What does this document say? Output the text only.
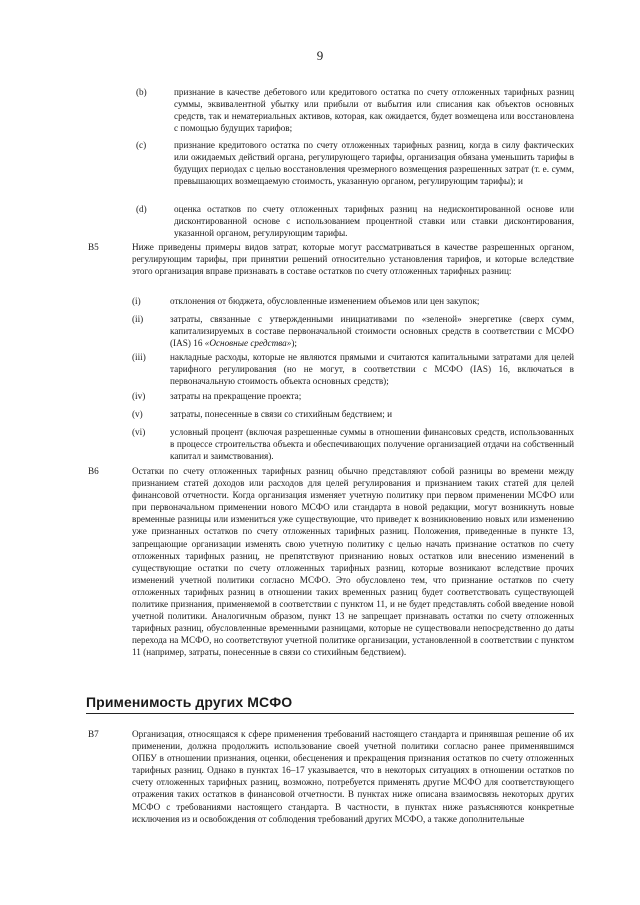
9
(b)	признание в качестве дебетового или кредитового остатка по счету отложенных тарифных разниц суммы, эквивалентной убытку или прибыли от выбытия или списания как объектов основных средств, так и нематериальных активов, которая, как ожидается, будет возмещена или восстановлена с помощью будущих тарифов;
(c)	признание кредитового остатка по счету отложенных тарифных разниц, когда в силу фактических или ожидаемых действий органа, регулирующего тарифы, организация обязана уменьшить тарифы в будущих периодах с целью восстановления чрезмерного возмещения разрешенных затрат (т. е. сумм, превышающих возмещаемую стоимость, указанную органом, регулирующим тарифы); и
(d)	оценка остатков по счету отложенных тарифных разниц на недисконтированной основе или дисконтированной основе с использованием процентной ставки или ставки дисконтирования, указанной органом, регулирующим тарифы.
B5	Ниже приведены примеры видов затрат, которые могут рассматриваться в качестве разрешенных органом, регулирующим тарифы, при принятии решений относительно установления тарифов, и которые вследствие этого организация вправе признавать в составе остатков по счету отложенных тарифных разниц:
(i)	отклонения от бюджета, обусловленные изменением объемов или цен закупок;
(ii)	затраты, связанные с утвержденными инициативами по «зеленой» энергетике (сверх сумм, капитализируемых в составе первоначальной стоимости основных средств в соответствии с МСФО (IAS) 16 «Основные средства»);
(iii)	накладные расходы, которые не являются прямыми и считаются капитальными затратами для целей тарифного регулирования (но не могут, в соответствии с МСФО (IAS) 16, включаться в первоначальную стоимость объекта основных средств);
(iv)	затраты на прекращение проекта;
(v)	затраты, понесенные в связи со стихийным бедствием; и
(vi)	условный процент (включая разрешенные суммы в отношении финансовых средств, использованных в процессе строительства объекта и обеспечивающих получение организацией отдачи на собственный капитал и заимствования).
B6	Остатки по счету отложенных тарифных разниц обычно представляют собой разницы во времени между признанием статей доходов или расходов для целей регулирования и признанием таких статей для целей финансовой отчетности. Когда организация изменяет учетную политику при первом применении МСФО или при первоначальном применении нового МСФО или стандарта в новой редакции, могут возникнуть новые временные разницы или измениться уже существующие, что приведет к возникновению новых или изменению уже признанных остатков по счету отложенных тарифных разниц. Положения, приведенные в пункте 13, запрещающие организации изменять свою учетную политику с целью начать признание остатков по счету отложенных тарифных разниц, не препятствуют признанию новых остатков или внесению изменений в существующие остатки по счету отложенных тарифных разниц, которые возникают вследствие прочих изменений учетной политики согласно МСФО. Это обусловлено тем, что признание остатков по счету отложенных тарифных разниц в отношении таких временных разниц будет соответствовать существующей политике признания, применяемой в соответствии с пунктом 11, и не будет представлять собой введение новой учетной политики. Аналогичным образом, пункт 13 не запрещает признавать остатки по счету отложенных тарифных разниц, обусловленные временными разницами, которые не существовали непосредственно до даты перехода на МСФО, но соответствуют учетной политике организации, установленной в соответствии с пунктом 11 (например, затраты, понесенные в связи со стихийным бедствием).
Применимость других МСФО
B7	Организация, относящаяся к сфере применения требований настоящего стандарта и принявшая решение об их применении, должна продолжить использование своей учетной политики согласно ранее применявшимся ОПБУ в отношении признания, оценки, обесценения и прекращения признания остатков по счету отложенных тарифных разниц. Однако в пунктах 16–17 указывается, что в некоторых ситуациях в отношении остатков по счету отложенных тарифных разниц, возможно, потребуется применять другие МСФО для соответствующего отражения таких остатков в финансовой отчетности. В пунктах ниже описана взаимосвязь некоторых других МСФО с требованиями настоящего стандарта. В частности, в пунктах ниже разъясняются конкретные исключения из и освобождения от соблюдения требований других МСФО, а также дополнительные
